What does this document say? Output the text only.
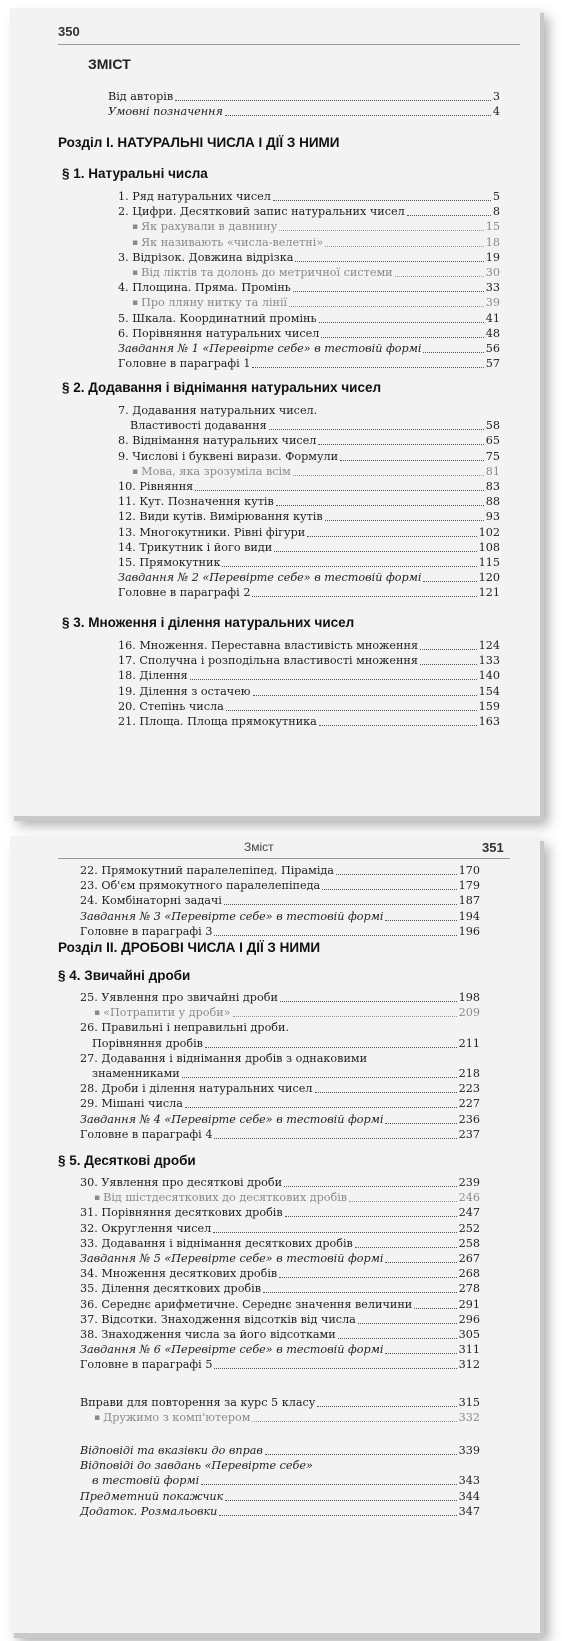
350
ЗМІСТ
Від авторів	3
Умовні позначення	4
Розділ І. НАТУРАЛЬНІ ЧИСЛА І ДІЇ З НИМИ
§ 1. Натуральні числа
1. Ряд натуральних чисел	5
2. Цифри. Десятковий запис натуральних чисел	8
▪ Як рахували в давнину	15
▪ Як називають «числа-велетні»	18
3. Відрізок. Довжина відрізка	19
▪ Від ліктів та долонь до метричної системи	30
4. Площина. Пряма. Промінь	33
▪ Про лляну нитку та лінії	39
5. Шкала. Координатний промінь	41
6. Порівняння натуральних чисел	48
Завдання № 1 «Перевірте себе» в тестовій формі	56
Головне в параграфі 1	57
§ 2. Додавання і віднімання натуральних чисел
7. Додавання натуральних чисел.
Властивості додавання	58
8. Віднімання натуральних чисел	65
9. Числові і буквені вирази. Формули	75
▪ Мова, яка зрозуміла всім	81
10. Рівняння	83
11. Кут. Позначення кутів	88
12. Види кутів. Вимірювання кутів	93
13. Многокутники. Рівні фігури	102
14. Трикутник і його види	108
15. Прямокутник	115
Завдання № 2 «Перевірте себе» в тестовій формі	120
Головне в парагрaфі 2	121
§ 3. Множення і ділення натуральних чисел
16. Множення. Переставна властивість множення	124
17. Сполучна і розподільна властивості множення	133
18. Ділення	140
19. Ділення з остачею	154
20. Степінь числа	159
21. Площа. Площа прямокутника	163
Зміст	351
22. Прямокутний паралелепіпед. Піраміда	170
23. Об'єм прямокутного паралелепіпеда	179
24. Комбінаторні задачі	187
Завдання № 3 «Перевірте себе» в тестовій формі	194
Головне в параграфі 3	196
Розділ ІІ. ДРОБОВІ ЧИСЛА І ДІЇ З НИМИ
§ 4. Звичайні дроби
25. Уявлення про звичайні дроби	198
▪ «Потрапити у дроби»	209
26. Правильні і неправильні дроби.
Порівняння дробів	211
27. Додавання і віднімання дробів з однаковими
знаменниками	218
28. Дроби і ділення натуральних чисел	223
29. Мішані числа	227
Завдання № 4 «Перевірте себе» в тестовій формі	236
Головне в параграфі 4	237
§ 5. Десяткові дроби
30. Уявлення про десяткові дроби	239
▪ Від шістдесяткових до десяткових дробів	246
31. Порівняння десяткових дробів	247
32. Округлення чисел	252
33. Додавання і віднімання десяткових дробів	258
Завдання № 5 «Перевірте себе» в тестовій формі	267
34. Множення десяткових дробів	268
35. Ділення десяткових дробів	278
36. Середнє арифметичне. Середнє значення величини	291
37. Відсотки. Знаходження відсотків від числа	296
38. Знаходження числа за його відсотками	305
Завдання № 6 «Перевірте себе» в тестовій формі	311
Головне в параграфі 5	312
Вправи для повторення за курс 5 класу	315
▪ Дружимо з комп'ютером	332
Відповіді та вказівки до вправ	339
Відповіді до завдань «Перевірте себе»
в тестовій формі	343
Предметний покажчик	344
Додаток. Розмальовки	347
